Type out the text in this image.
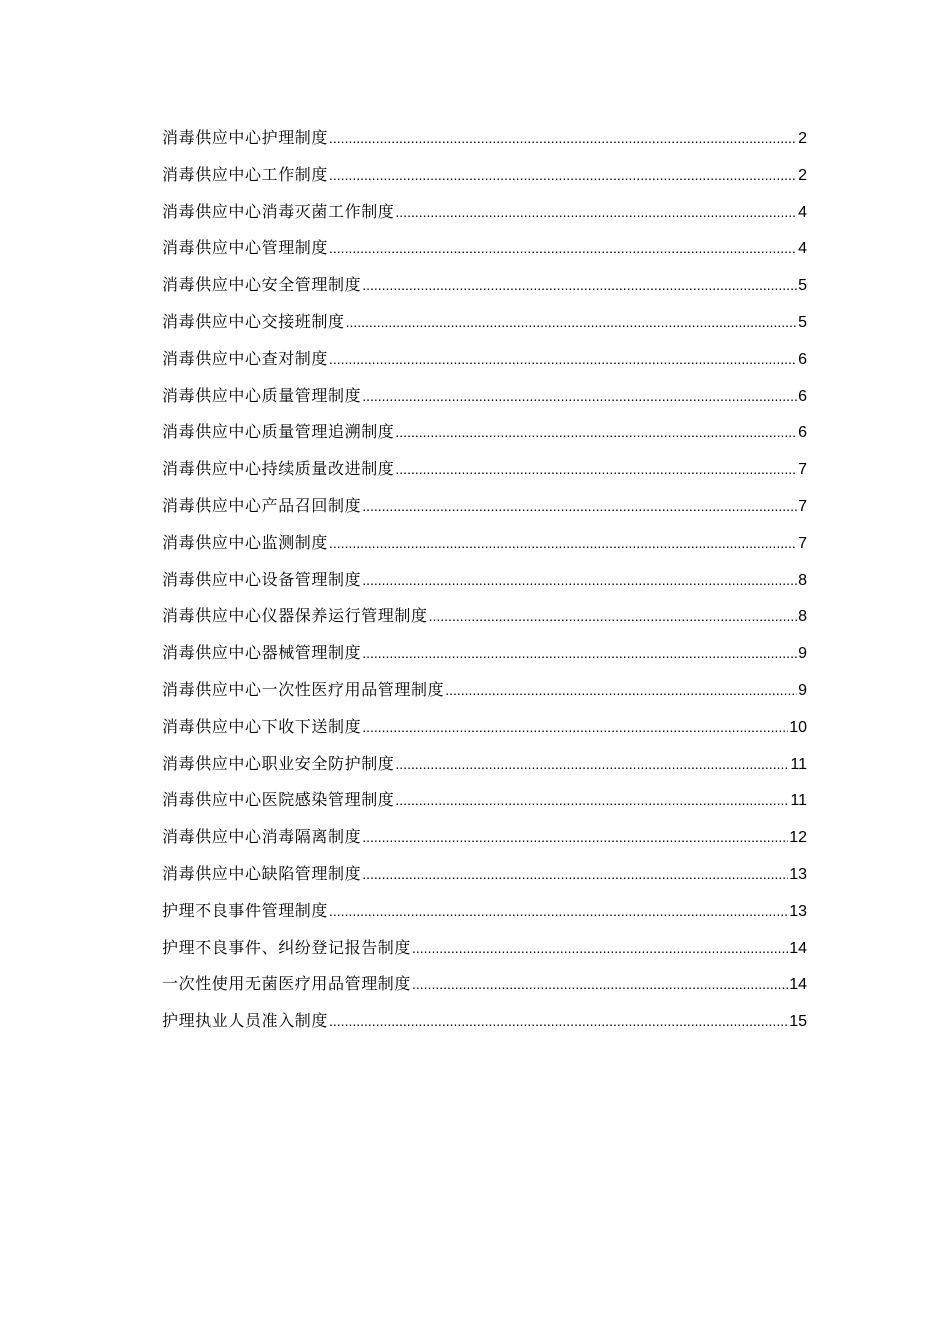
消毒供应中心护理制度 .....	2
消毒供应中心工作制度 .....	2
消毒供应中心消毒灭菌工作制度 .....	4
消毒供应中心管理制度 .....	4
消毒供应中心安全管理制度 .....	5
消毒供应中心交接班制度 .....	5
消毒供应中心查对制度 .....	6
消毒供应中心质量管理制度 .....	6
消毒供应中心质量管理追溯制度 .....	6
消毒供应中心持续质量改进制度 .....	7
消毒供应中心产品召回制度 .....	7
消毒供应中心监测制度 .....	7
消毒供应中心设备管理制度 .....	8
消毒供应中心仪器保养运行管理制度 .....	8
消毒供应中心器械管理制度 .....	9
消毒供应中心一次性医疗用品管理制度 .....	9
消毒供应中心下收下送制度 .....	10
消毒供应中心职业安全防护制度 .....	11
消毒供应中心医院感染管理制度 .....	11
消毒供应中心消毒隔离制度 .....	12
消毒供应中心缺陷管理制度 .....	13
护理不良事件管理制度 .....	13
护理不良事件、纠纷登记报告制度 .....	14
一次性使用无菌医疗用品管理制度 .....	14
护理执业人员准入制度 .....	15
